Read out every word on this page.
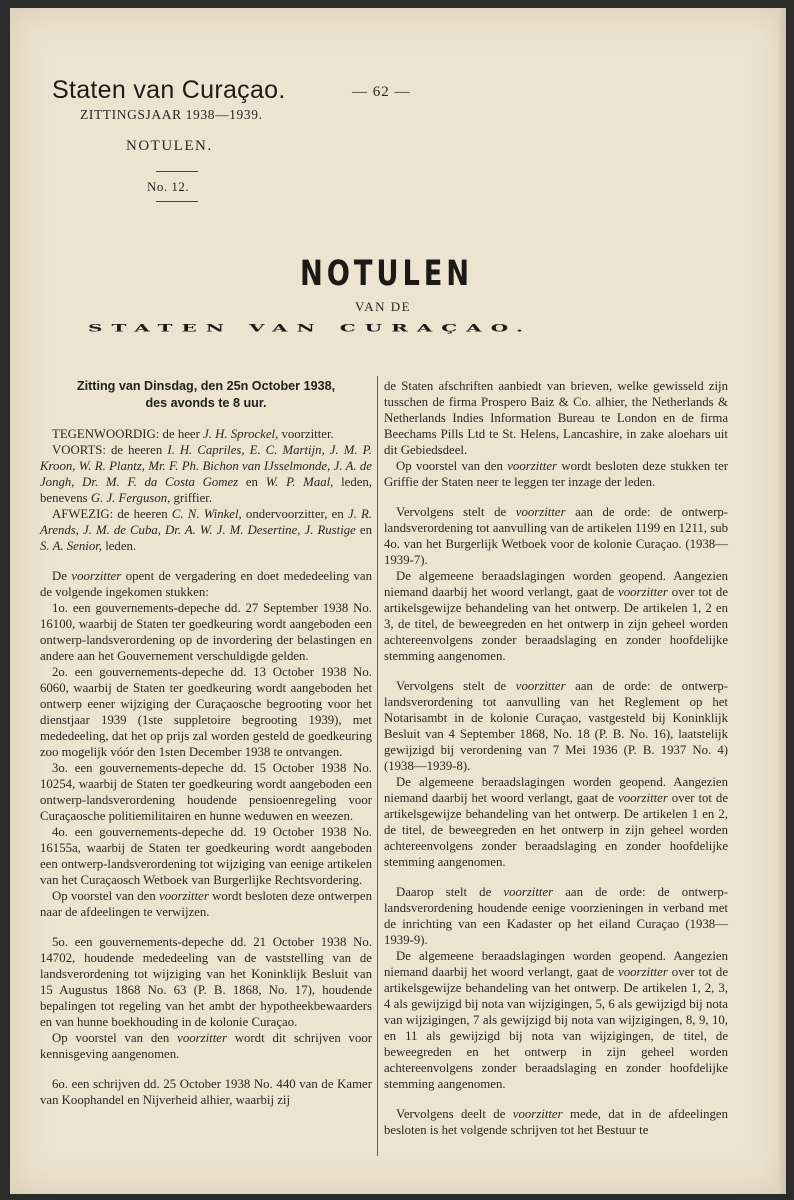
Staten van Curaçao.	— 62 —
ZITTINGSJAAR 1938—1939.
NOTULEN.
No. 12.
NOTULEN
VAN DE
STATEN VAN CURAÇAO.
Zitting van Dinsdag, den 25n October 1938,
des avonds te 8 uur.

TEGENWOORDIG: de heer J. H. Sprockel, voorzitter.

VOORTS: de heeren I. H. Capriles, E. C. Martijn, J. M. P. Kroon, W. R. Plantz, Mr. F. Ph. Bichon van IJsselmonde, J. A. de Jongh, Dr. M. F. da Costa Gomez en W. P. Maal, leden, benevens G. J. Ferguson, griffier.

AFWEZIG: de heeren C. N. Winkel, ondervoorzitter, en J. R. Arends, J. M. de Cuba, Dr. A. W. J. M. Desertine, J. Rustige en S. A. Senior, leden.

De voorzitter opent de vergadering en doet mededeeling van de volgende ingekomen stukken:

1o. een gouvernements-depeche dd. 27 September 1938 No. 16100, waarbij de Staten ter goedkeuring wordt aangeboden een ontwerp-landsverordening op de invordering der belastingen en andere aan het Gouvernement verschuldigde gelden.

2o. een gouvernements-depeche dd. 13 October 1938 No. 6060, waarbij de Staten ter goedkeuring wordt aangeboden het ontwerp eener wijziging der Curaçaosche begrooting voor het dienstjaar 1939 (1ste suppletoire begrooting 1939), met mededeeling, dat het op prijs zal worden gesteld de goedkeuring zoo mogelijk vóór den 1sten December 1938 te ontvangen.

3o. een gouvernements-depeche dd. 15 October 1938 No. 10254, waarbij de Staten ter goedkeuring wordt aangeboden een ontwerp-landsverordening houdende pensioenregeling voor Curaçaosche politiemilitairen en hunne weduwen en weezen.

4o. een gouvernements-depeche dd. 19 October 1938 No. 16155a, waarbij de Staten ter goedkeuring wordt aangeboden een ontwerp-landsverordening tot wijziging van eenige artikelen van het Curaçaosch Wetboek van Burgerlijke Rechtsvordering.

Op voorstel van den voorzitter wordt besloten deze ontwerpen naar de afdeelingen te verwijzen.

5o. een gouvernements-depeche dd. 21 October 1938 No. 14702, houdende mededeeling van de vaststelling van de landsverordening tot wijziging van het Koninklijk Besluit van 15 Augustus 1868 No. 63 (P. B. 1868, No. 17), houdende bepalingen tot regeling van het ambt der hypotheekbewaarders en van hunne boekhouding in de kolonie Curaçao.

Op voorstel van den voorzitter wordt dit schrijven voor kennisgeving aangenomen.

6o. een schrijven dd. 25 October 1938 No. 440 van de Kamer van Koophandel en Nijverheid alhier, waarbij zij

de Staten afschriften aanbiedt van brieven, welke gewisseld zijn tusschen de firma Prospero Baiz & Co. alhier, the Netherlands & Netherlands Indies Information Bureau te London en de firma Beechams Pills Ltd te St. Helens, Lancashire, in zake aloehars uit dit Gebiedsdeel.

Op voorstel van den voorzitter wordt besloten deze stukken ter Griffie der Staten neer te leggen ter inzage der leden.

Vervolgens stelt de voorzitter aan de orde: de ontwerp-landsverordening tot aanvulling van de artikelen 1199 en 1211, sub 4o. van het Burgerlijk Wetboek voor de kolonie Curaçao. (1938—1939-7).

De algemeene beraadslagingen worden geopend. Aangezien niemand daarbij het woord verlangt, gaat de voorzitter over tot de artikelsgewijze behandeling van het ontwerp. De artikelen 1, 2 en 3, de titel, de beweegreden en het ontwerp in zijn geheel worden achtereenvolgens zonder beraadslaging en zonder hoofdelijke stemming aangenomen.

Vervolgens stelt de voorzitter aan de orde: de ontwerp-landsverordening tot aanvulling van het Reglement op het Notarisambt in de kolonie Curaçao, vastgesteld bij Koninklijk Besluit van 4 September 1868, No. 18 (P. B. No. 16), laatstelijk gewijzigd bij verordening van 7 Mei 1936 (P. B. 1937 No. 4) (1938—1939-8).

De algemeene beraadslagingen worden geopend. Aangezien niemand daarbij het woord verlangt, gaat de voorzitter over tot de artikelsgewijze behandeling van het ontwerp. De artikelen 1 en 2, de titel, de beweegreden en het ontwerp in zijn geheel worden achtereenvolgens zonder beraadslaging en zonder hoofdelijke stemming aangenomen.

Daarop stelt de voorzitter aan de orde: de ontwerp-landsverordening houdende eenige voorzieningen in verband met de inrichting van een Kadaster op het eiland Curaçao (1938—1939-9).

De algemeene beraadslagingen worden geopend. Aangezien niemand daarbij het woord verlangt, gaat de voorzitter over tot de artikelsgewijze behandeling van het ontwerp. De artikelen 1, 2, 3, 4 als gewijzigd bij nota van wijzigingen, 5, 6 als gewijzigd bij nota van wijzigingen, 7 als gewijzigd bij nota van wijzigingen, 8, 9, 10, en 11 als gewijzigd bij nota van wijzigingen, de titel, de beweegreden en het ontwerp in zijn geheel worden achtereenvolgens zonder beraadslaging en zonder hoofdelijke stemming aangenomen.

Vervolgens deelt de voorzitter mede, dat in de afdeelingen besloten is het volgende schrijven tot het Bestuur te
